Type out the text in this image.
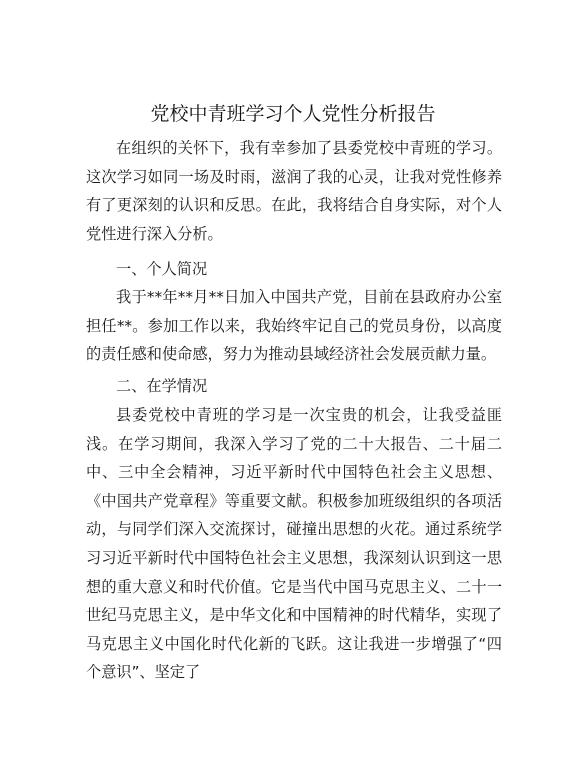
党校中青班学习个人党性分析报告

在组织的关怀下，我有幸参加了县委党校中青班的学习。这次学习如同一场及时雨，滋润了我的心灵，让我对党性修养有了更深刻的认识和反思。在此，我将结合自身实际，对个人党性进行深入分析。

一、个人简况

我于**年**月**日加入中国共产党，目前在县政府办公室担任**。参加工作以来，我始终牢记自己的党员身份，以高度的责任感和使命感，努力为推动县域经济社会发展贡献力量。

二、在学情况

县委党校中青班的学习是一次宝贵的机会，让我受益匪浅。在学习期间，我深入学习了党的二十大报告、二十届二中、三中全会精神，习近平新时代中国特色社会主义思想、《中国共产党章程》等重要文献。积极参加班级组织的各项活动，与同学们深入交流探讨，碰撞出思想的火花。通过系统学习习近平新时代中国特色社会主义思想，我深刻认识到这一思想的重大意义和时代价值。它是当代中国马克思主义、二十一世纪马克思主义，是中华文化和中国精神的时代精华，实现了马克思主义中国化时代化新的飞跃。这让我进一步增强了“四个意识”、坚定了
